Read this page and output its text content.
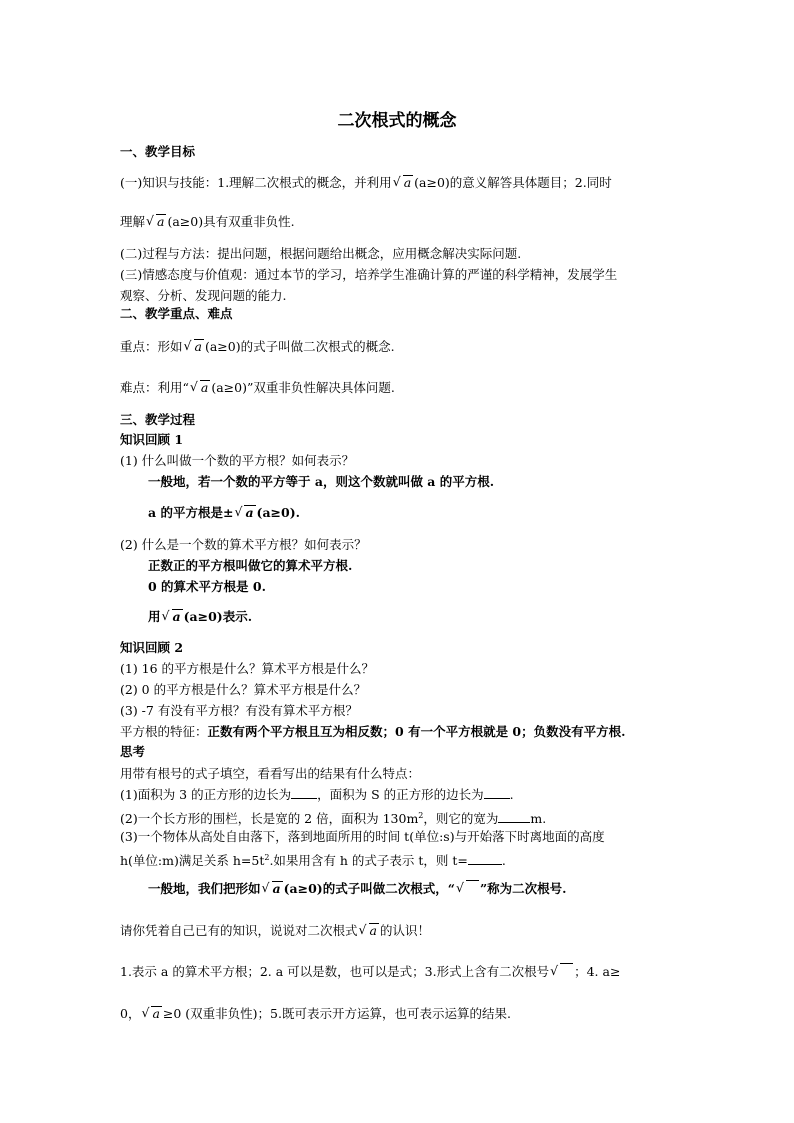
二次根式的概念
一、教学目标
(一)知识与技能：1.理解二次根式的概念，并利用 √ a (a≥0)的意义解答具体题目；2.同时
理解 √ a (a≥0)具有双重非负性.
(二)过程与方法：提出问题，根据问题给出概念，应用概念解决实际问题.
(三)情感态度与价值观：通过本节的学习，培养学生准确计算的严谨的科学精神，发展学生
观察、分析、发现问题的能力.
二、教学重点、难点
重点：形如 √ a (a≥0)的式子叫做二次根式的概念.
难点：利用“ √ a (a≥0)”双重非负性解决具体问题.
三、教学过程
知识回顾 1
(1) 什么叫做一个数的平方根？如何表示？
一般地，若一个数的平方等于 a，则这个数就叫做 a 的平方根.
a 的平方根是± √ a (a≥0).
(2) 什么是一个数的算术平方根？如何表示？
正数正的平方根叫做它的算术平方根.
0 的算术平方根是 0.
用 √ a (a≥0)表示.
知识回顾 2
(1) 16 的平方根是什么？算术平方根是什么？
(2) 0 的平方根是什么？算术平方根是什么？
(3) -7 有没有平方根？有没有算术平方根？
平方根的特征：正数有两个平方根且互为相反数；0 有一个平方根就是 0；负数没有平方根.
思考
用带有根号的式子填空，看看写出的结果有什么特点：
(1)面积为 3 的正方形的边长为 ，面积为 S 的正方形的边长为 .
(2)一个长方形的围栏，长是宽的 2 倍，面积为 $130m^2$，则它的宽为	m.
(3)一个物体从高处自由落下，落到地面所用的时间 t(单位:s)与开始落下时离地面的高度
h(单位:m)满足关系 $h=5t^2$.如果用含有 h 的式子表示 t，则 t=	.
一般地，我们把形如 √ a (a≥0)的式子叫做二次根式，“ √ ”称为二次根号.
请你凭着自己已有的知识，说说对二次根式 √ a 的认识！
1.表示 a 的算术平方根；2. a 可以是数，也可以是式；3.形式上含有二次根号 √ ；4. a≥
0， √ a ≥0 (双重非负性)；5.既可表示开方运算，也可表示运算的结果.
